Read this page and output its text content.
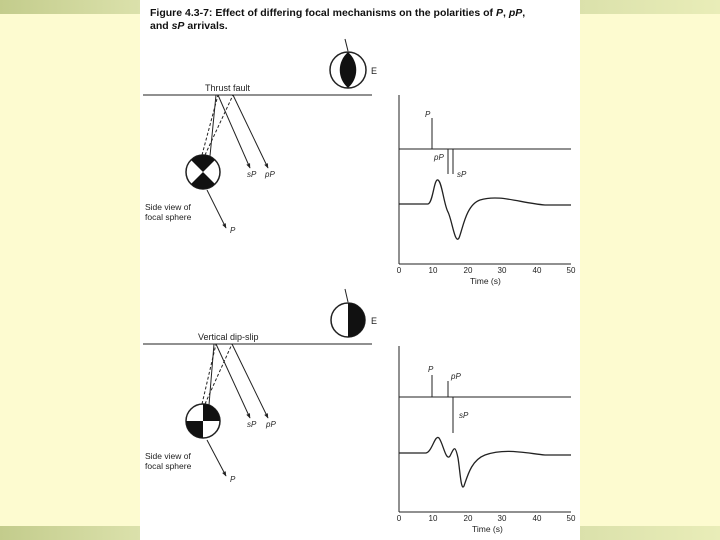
Figure 4.3-7: Effect of differing focal mechanisms on the polarities of P, pP,
and sP arrivals.
E
Thrust fault
sP pP
P
Side view of
focal sphere
P
pP
sP
0	10	20	30	40	50
Time (s)
E
Vertical dip-slip
sP pP
P
Side view of
focal sphere
P
pP
sP
0	10	20	30	40	50
Time (s)
